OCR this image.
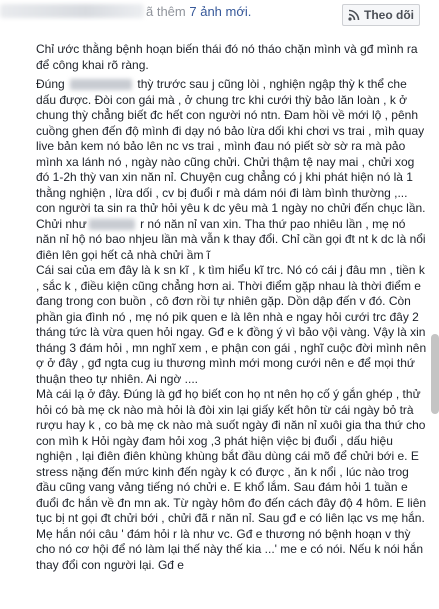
ã thêm 7 ảnh mới.	Theo dõi

Chỉ ước thằng bệnh hoạn biến thái đó nó tháo chặn mình và gđ mình ra để công khai rõ ràng.

Đúng	thỳ trước sau j cũng lòi , nghiện ngập thỳ k thể che dấu được. Đòi con gái mà , ở chung trc khi cưới thỳ bảo lăn loàn , k ở chung thỳ chẳng biết đc hết con người nó ntn. Đam hồi về mới lộ , pênh cuồng ghen đến độ mình đi dạy nó bảo lừa dối khi chơi vs trai , mìh quay live bản kem nó bảo lên nc vs trai , mình đau nó piết sờ sờ ra mà pảo mình xa lánh nó , ngày nào cũng chửi. Chửi thậm tệ nay mai , chửi xog đó 1-2h thỳ van xin năn nỉ. Chuyện cug chẳng có j khi phát hiện nó là 1 thằng nghiện , lừa dối , cv bị đuổi r mà dám nói đi làm bình thường ,... con người ta sin ra thử hỏi yêu k dc yêu mà 1 ngày no chửi đến chục lần. Chửi như	r nó năn nỉ van xin. Tha thứ pao nhiêu lần , mẹ nó năn nỉ hộ nó bao nhjeu lần mà vẫn k thay đổi. Chỉ cần gọi đt nt k dc là nổi điên lên gọi hết cả nhà chửi ầm ĩ

Cái sai của em đây là k sn kĩ , k tìm hiểu kĩ trc. Nó có cái j đâu mn , tiền k , sắc k , điều kiện cũng chẳng hơn ai. Thời điểm gặp nhau là thời điểm e đang trong con buồn , cô đơn rồi tự nhiên gặp. Dồn dập đến v đó. Còn phần gia đình nó , mẹ nó pik quen e là lên nhà e ngay hỏi cưới trc đây 2 tháng tức là vừa quen hỏi ngay. Gđ e k đồng ý vì bảo vội vàng. Vậy là xin tháng 3 đám hỏi , mn nghĩ xem , e phận con gái , nghĩ cuộc đời mình nên ợ ở đây , gđ ngta cug iu thương mình mới mong cưới nên e để mọi thứ thuận theo tự nhiên. Ai ngờ ....

Mà cái lạ ở đây. Đúng là gđ họ biết con họ nt nên họ cố ý gắn ghép , thử hỏi có bà mẹ ck nào mà hỏi là đòi xin lại giấy kết hôn từ cái ngày bỏ trà rượu hay k , co bà mẹ ck nào mà suốt ngày đi năn nỉ xuôi gia tha thứ cho con mìh k Hỏi ngày đam hỏi xog ,3 phát hiện việc bị đuổi , dấu hiệu nghiện , lại điên điên khùng khùng bắt đầu dùng cái mõ để chửi bới e. E stress nặng đến mức kinh đến ngày k có được , ăn k nổi , lúc nào trog đầu cũng vang vảng tiếng nó chửi e. E khổ lắm. Sau đám hỏi 1 tuần e đuổi đc hắn về đn mn ak. Từ ngày hôm đo đến cách đây độ 4 hôm. E liên tục bị nt gọi đt chửi bới , chửi đã r năn nỉ. Sau gđ e có liên lạc vs mẹ hắn. Mẹ hắn nói câu ' đám hỏi r là như vc. Gđ e thương nó bệnh hoạn v thỳ cho nó cơ hội để nó làm lại thế này thế kia ...' me e có nói. Nếu k nói hắn thay đổi con người lại. Gđ e
